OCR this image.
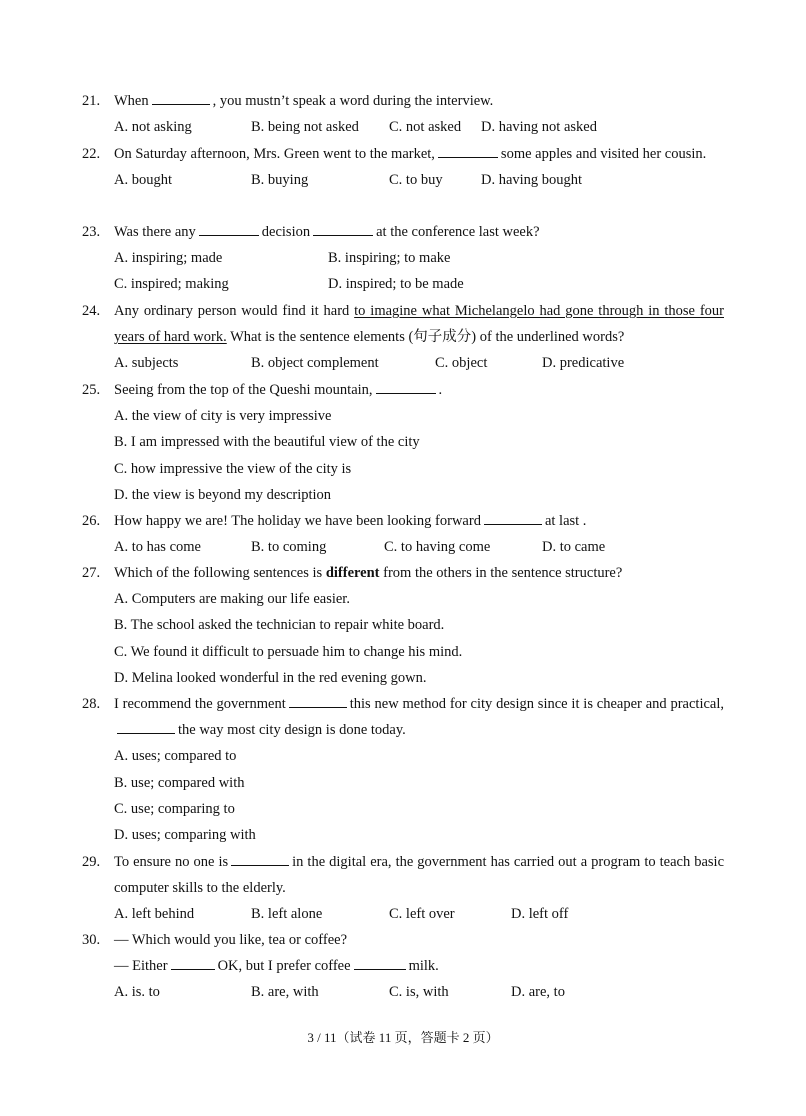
21. When	, you mustn’t speak a word during the interview.
A. not asking	B. being not asked C. not asked D. having not asked
22. On Saturday afternoon, Mrs. Green went to the market,	some apples and visited her cousin.
A. bought	B. buying	C. to buy	D. having bought
23. Was there any	decision	at the conference last week?
A. inspiring; made	B. inspiring; to make
C. inspired; making	D. inspired; to be made
24. Any ordinary person would find it hard to imagine what Michelangelo had gone through in those four years of hard work. What is the sentence elements (句子成分) of the underlined words?
A. subjects	B. object complement	C. object	D. predicative
25. Seeing from the top of the Queshi mountain,	.
A. the view of city is very impressive
B. I am impressed with the beautiful view of the city
C. how impressive the view of the city is
D. the view is beyond my description
26. How happy we are! The holiday we have been looking forward	at last .
A. to has come	B. to coming	C. to having come	D. to came
27. Which of the following sentences is different from the others in the sentence structure?
A. Computers are making our life easier.
B. The school asked the technician to repair white board.
C. We found it difficult to persuade him to change his mind.
D. Melina looked wonderful in the red evening gown.
28. I recommend the government	this new method for city design since it is cheaper and practical,the way most city design is done today.
A. uses; compared to
B. use; compared with
C. use; comparing to
D. uses; comparing with
29. To ensure no one is	in the digital era, the government has carried out a program to teach basic computer skills to the elderly.
A. left behind	B. left alone	C. left over	D. left off
30. — Which would you like, tea or coffee?
— Either	OK, but I prefer coffee	milk.
A. is. to	B. are, with	C. is, with	D. are, to
3 / 11（试卷 11 页，答题卡 2 页）
